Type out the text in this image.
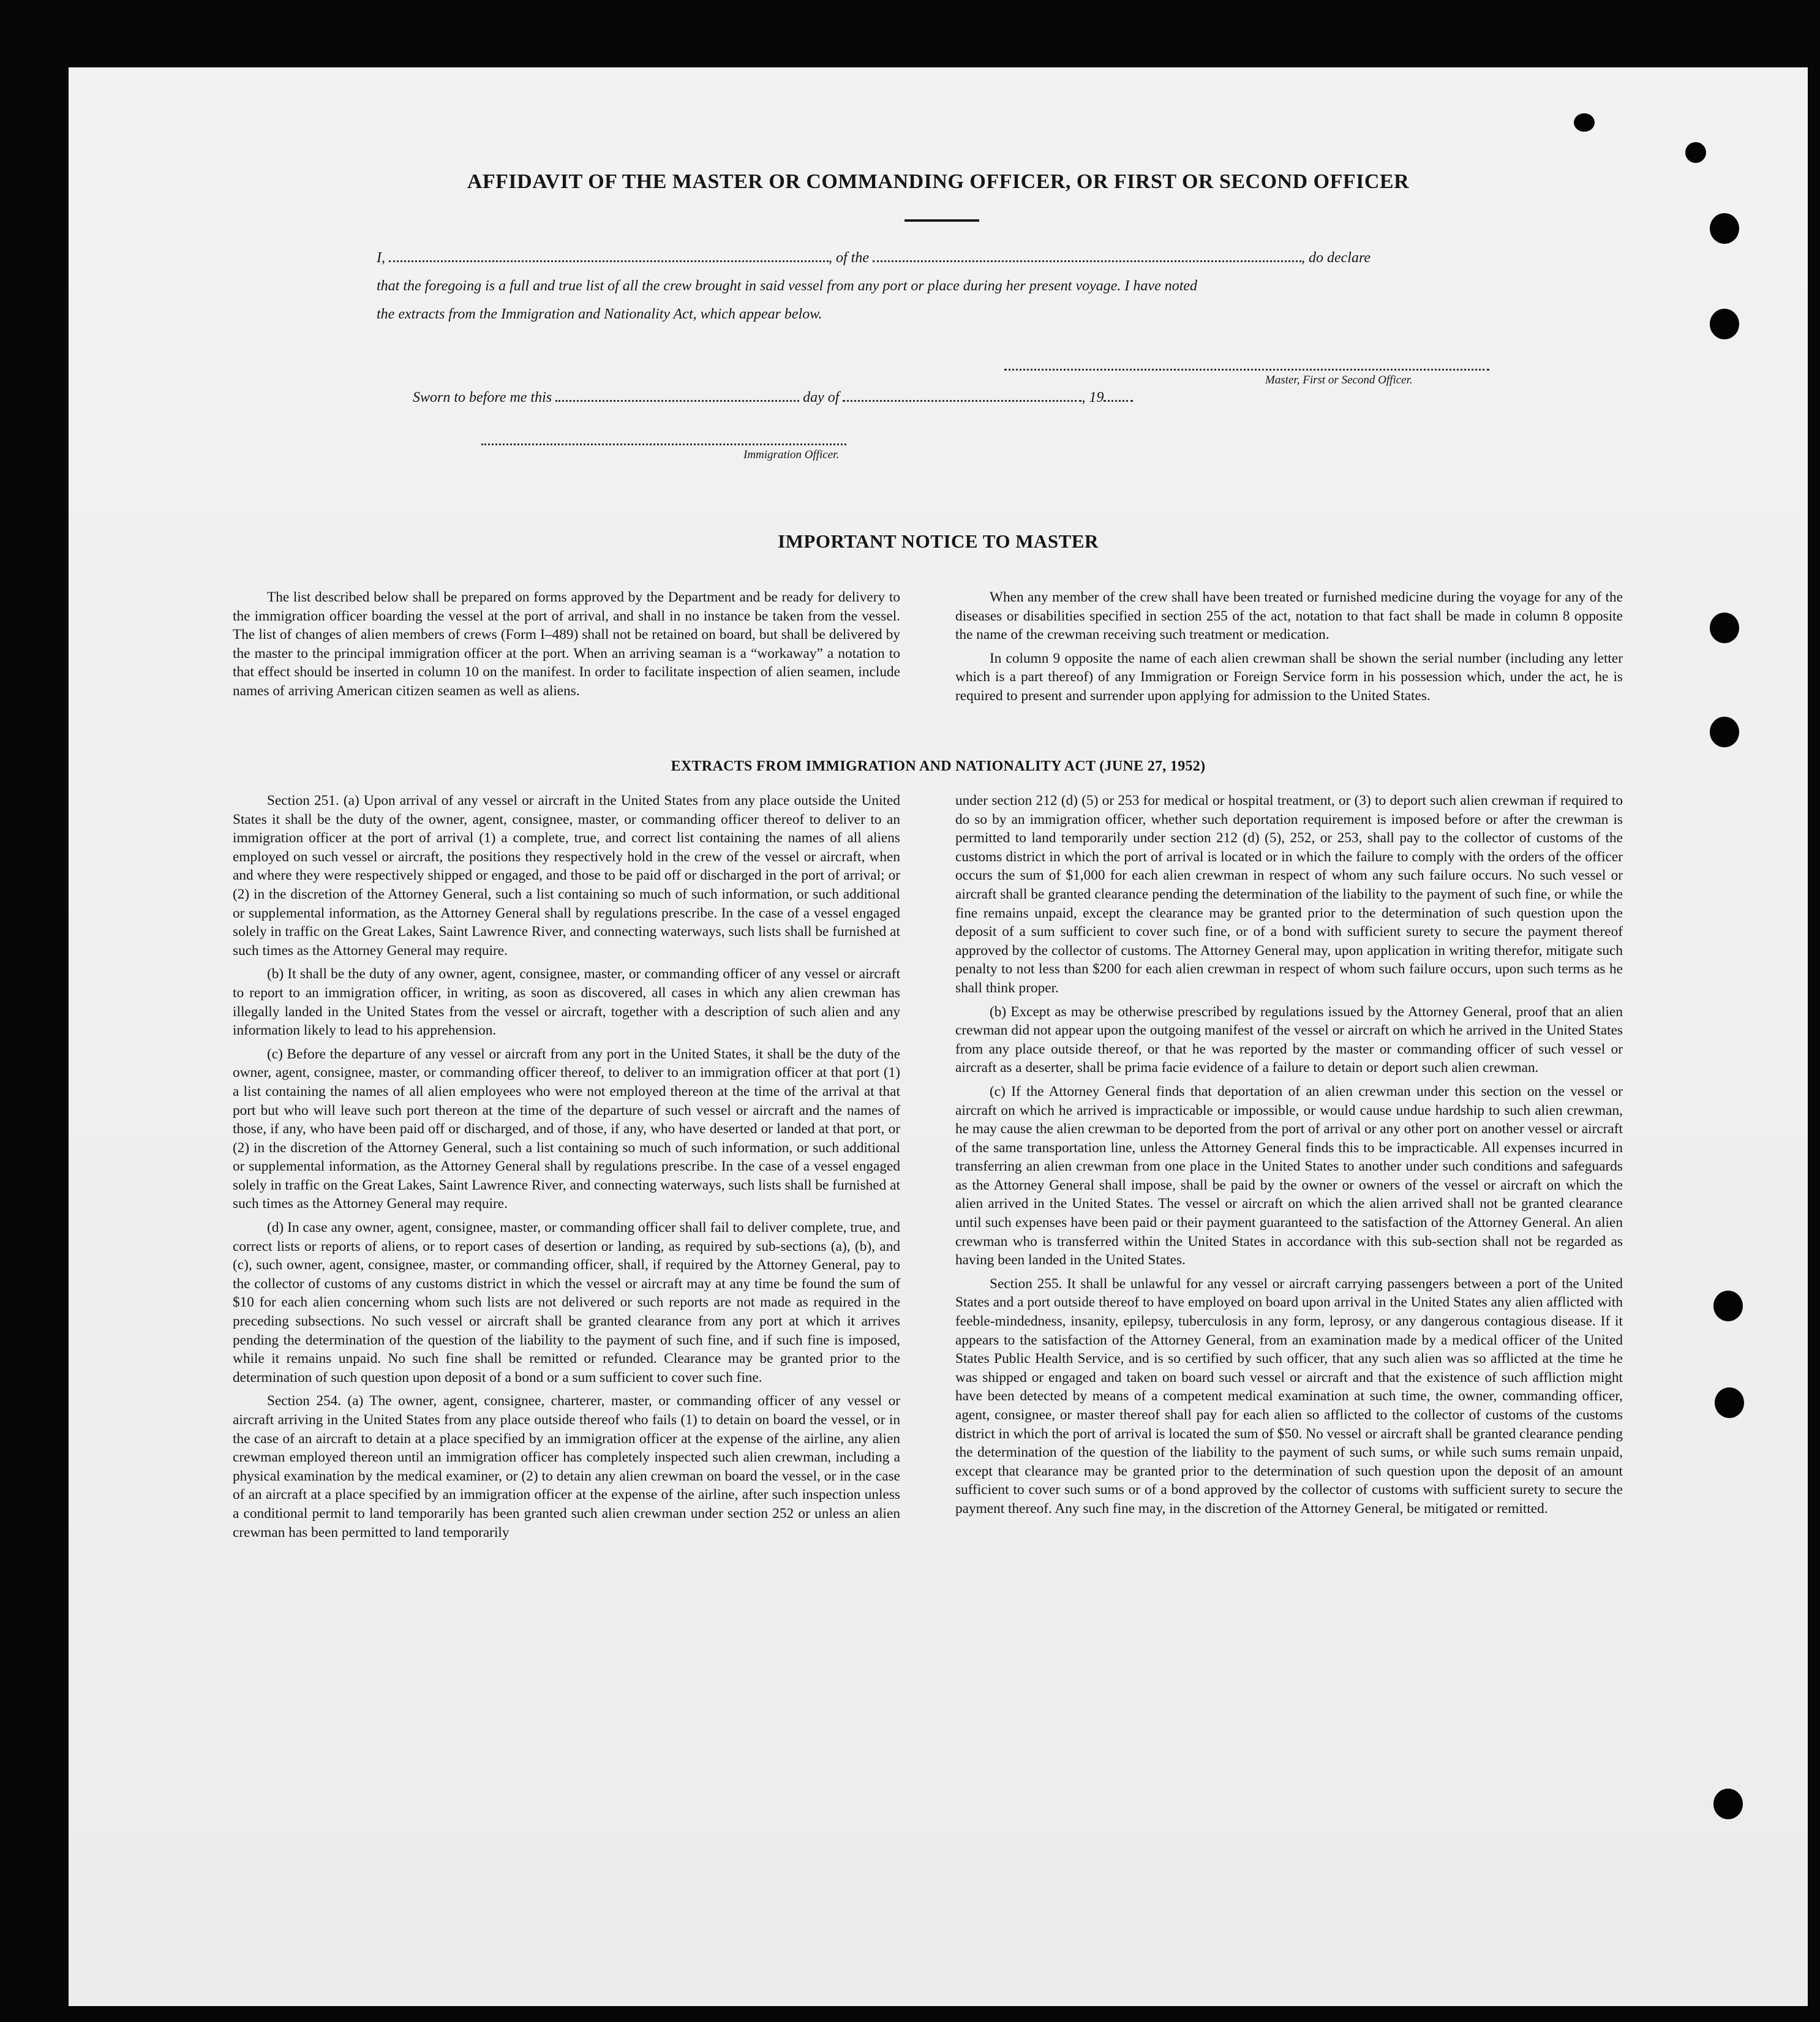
AFFIDAVIT OF THE MASTER OR COMMANDING OFFICER, OR FIRST OR SECOND OFFICER
I,	, of the	, do declare
that the foregoing is a full and true list of all the crew brought in said vessel from any port or place during her present voyage. I have noted
the extracts from the Immigration and Nationality Act, which appear below.
Master, First or Second Officer.
Sworn to before me this	day of	, 19
Immigration Officer.
IMPORTANT NOTICE TO MASTER

The list described below shall be prepared on forms approved by the Department and be ready for delivery to the immigration officer boarding the vessel at the port of arrival, and shall in no instance be taken from the vessel. The list of changes of alien members of crews (Form I–489) shall not be retained on board, but shall be delivered by the master to the principal immigration officer at the port. When an arriving seaman is a “workaway” a notation to that effect should be inserted in column 10 on the manifest. In order to facilitate inspection of alien seamen, include names of arriving American citizen seamen as well as aliens.

When any member of the crew shall have been treated or furnished medicine during the voyage for any of the diseases or disabilities specified in section 255 of the act, notation to that fact shall be made in column 8 opposite the name of the crewman receiving such treatment or medication.

In column 9 opposite the name of each alien crewman shall be shown the serial number (including any letter which is a part thereof) of any Immigration or Foreign Service form in his possession which, under the act, he is required to present and surrender upon applying for admission to the United States.

EXTRACTS FROM IMMIGRATION AND NATIONALITY ACT (JUNE 27, 1952)

Section 251. (a) Upon arrival of any vessel or aircraft in the United States from any place outside the United States it shall be the duty of the owner, agent, consignee, master, or commanding officer thereof to deliver to an immigration officer at the port of arrival (1) a complete, true, and correct list containing the names of all aliens employed on such vessel or aircraft, the positions they respectively hold in the crew of the vessel or aircraft, when and where they were respectively shipped or engaged, and those to be paid off or discharged in the port of arrival; or (2) in the discretion of the Attorney General, such a list containing so much of such information, or such additional or supplemental information, as the Attorney General shall by regulations prescribe. In the case of a vessel engaged solely in traffic on the Great Lakes, Saint Lawrence River, and connecting waterways, such lists shall be furnished at such times as the Attorney General may require.

(b) It shall be the duty of any owner, agent, consignee, master, or commanding officer of any vessel or aircraft to report to an immigration officer, in writing, as soon as discovered, all cases in which any alien crewman has illegally landed in the United States from the vessel or aircraft, together with a description of such alien and any information likely to lead to his apprehension.

(c) Before the departure of any vessel or aircraft from any port in the United States, it shall be the duty of the owner, agent, consignee, master, or commanding officer thereof, to deliver to an immigration officer at that port (1) a list containing the names of all alien employees who were not employed thereon at the time of the arrival at that port but who will leave such port thereon at the time of the departure of such vessel or aircraft and the names of those, if any, who have been paid off or discharged, and of those, if any, who have deserted or landed at that port, or (2) in the discretion of the Attorney General, such a list containing so much of such information, or such additional or supplemental information, as the Attorney General shall by regulations prescribe. In the case of a vessel engaged solely in traffic on the Great Lakes, Saint Lawrence River, and connecting waterways, such lists shall be furnished at such times as the Attorney General may require.

(d) In case any owner, agent, consignee, master, or commanding officer shall fail to deliver complete, true, and correct lists or reports of aliens, or to report cases of desertion or landing, as required by sub-sections (a), (b), and (c), such owner, agent, consignee, master, or commanding officer, shall, if required by the Attorney General, pay to the collector of customs of any customs district in which the vessel or aircraft may at any time be found the sum of $10 for each alien concerning whom such lists are not delivered or such reports are not made as required in the preceding subsections. No such vessel or aircraft shall be granted clearance from any port at which it arrives pending the determination of the question of the liability to the payment of such fine, and if such fine is imposed, while it remains unpaid. No such fine shall be remitted or refunded. Clearance may be granted prior to the determination of such question upon deposit of a bond or a sum sufficient to cover such fine.

Section 254. (a) The owner, agent, consignee, charterer, master, or commanding officer of any vessel or aircraft arriving in the United States from any place outside thereof who fails (1) to detain on board the vessel, or in the case of an aircraft to detain at a place specified by an immigration officer at the expense of the airline, any alien crewman employed thereon until an immigration officer has completely inspected such alien crewman, including a physical examination by the medical examiner, or (2) to detain any alien crewman on board the vessel, or in the case of an aircraft at a place specified by an immigration officer at the expense of the airline, after such inspection unless a conditional permit to land temporarily has been granted such alien crewman under section 252 or unless an alien crewman has been permitted to land temporarily

under section 212 (d) (5) or 253 for medical or hospital treatment, or (3) to deport such alien crewman if required to do so by an immigration officer, whether such deportation requirement is imposed before or after the crewman is permitted to land temporarily under section 212 (d) (5), 252, or 253, shall pay to the collector of customs of the customs district in which the port of arrival is located or in which the failure to comply with the orders of the officer occurs the sum of $1,000 for each alien crewman in respect of whom any such failure occurs. No such vessel or aircraft shall be granted clearance pending the determination of the liability to the payment of such fine, or while the fine remains unpaid, except the clearance may be granted prior to the determination of such question upon the deposit of a sum sufficient to cover such fine, or of a bond with sufficient surety to secure the payment thereof approved by the collector of customs. The Attorney General may, upon application in writing therefor, mitigate such penalty to not less than $200 for each alien crewman in respect of whom such failure occurs, upon such terms as he shall think proper.

(b) Except as may be otherwise prescribed by regulations issued by the Attorney General, proof that an alien crewman did not appear upon the outgoing manifest of the vessel or aircraft on which he arrived in the United States from any place outside thereof, or that he was reported by the master or commanding officer of such vessel or aircraft as a deserter, shall be prima facie evidence of a failure to detain or deport such alien crewman.

(c) If the Attorney General finds that deportation of an alien crewman under this section on the vessel or aircraft on which he arrived is impracticable or impossible, or would cause undue hardship to such alien crewman, he may cause the alien crewman to be deported from the port of arrival or any other port on another vessel or aircraft of the same transportation line, unless the Attorney General finds this to be impracticable. All expenses incurred in transferring an alien crewman from one place in the United States to another under such conditions and safeguards as the Attorney General shall impose, shall be paid by the owner or owners of the vessel or aircraft on which the alien arrived in the United States. The vessel or aircraft on which the alien arrived shall not be granted clearance until such expenses have been paid or their payment guaranteed to the satisfaction of the Attorney General. An alien crewman who is transferred within the United States in accordance with this sub-section shall not be regarded as having been landed in the United States.

Section 255. It shall be unlawful for any vessel or aircraft carrying passengers between a port of the United States and a port outside thereof to have employed on board upon arrival in the United States any alien afflicted with feeble-mindedness, insanity, epilepsy, tuberculosis in any form, leprosy, or any dangerous contagious disease. If it appears to the satisfaction of the Attorney General, from an examination made by a medical officer of the United States Public Health Service, and is so certified by such officer, that any such alien was so afflicted at the time he was shipped or engaged and taken on board such vessel or aircraft and that the existence of such affliction might have been detected by means of a competent medical examination at such time, the owner, commanding officer, agent, consignee, or master thereof shall pay for each alien so afflicted to the collector of customs of the customs district in which the port of arrival is located the sum of $50. No vessel or aircraft shall be granted clearance pending the determination of the question of the liability to the payment of such sums, or while such sums remain unpaid, except that clearance may be granted prior to the determination of such question upon the deposit of an amount sufficient to cover such sums or of a bond approved by the collector of customs with sufficient surety to secure the payment thereof. Any such fine may, in the discretion of the Attorney General, be mitigated or remitted.
